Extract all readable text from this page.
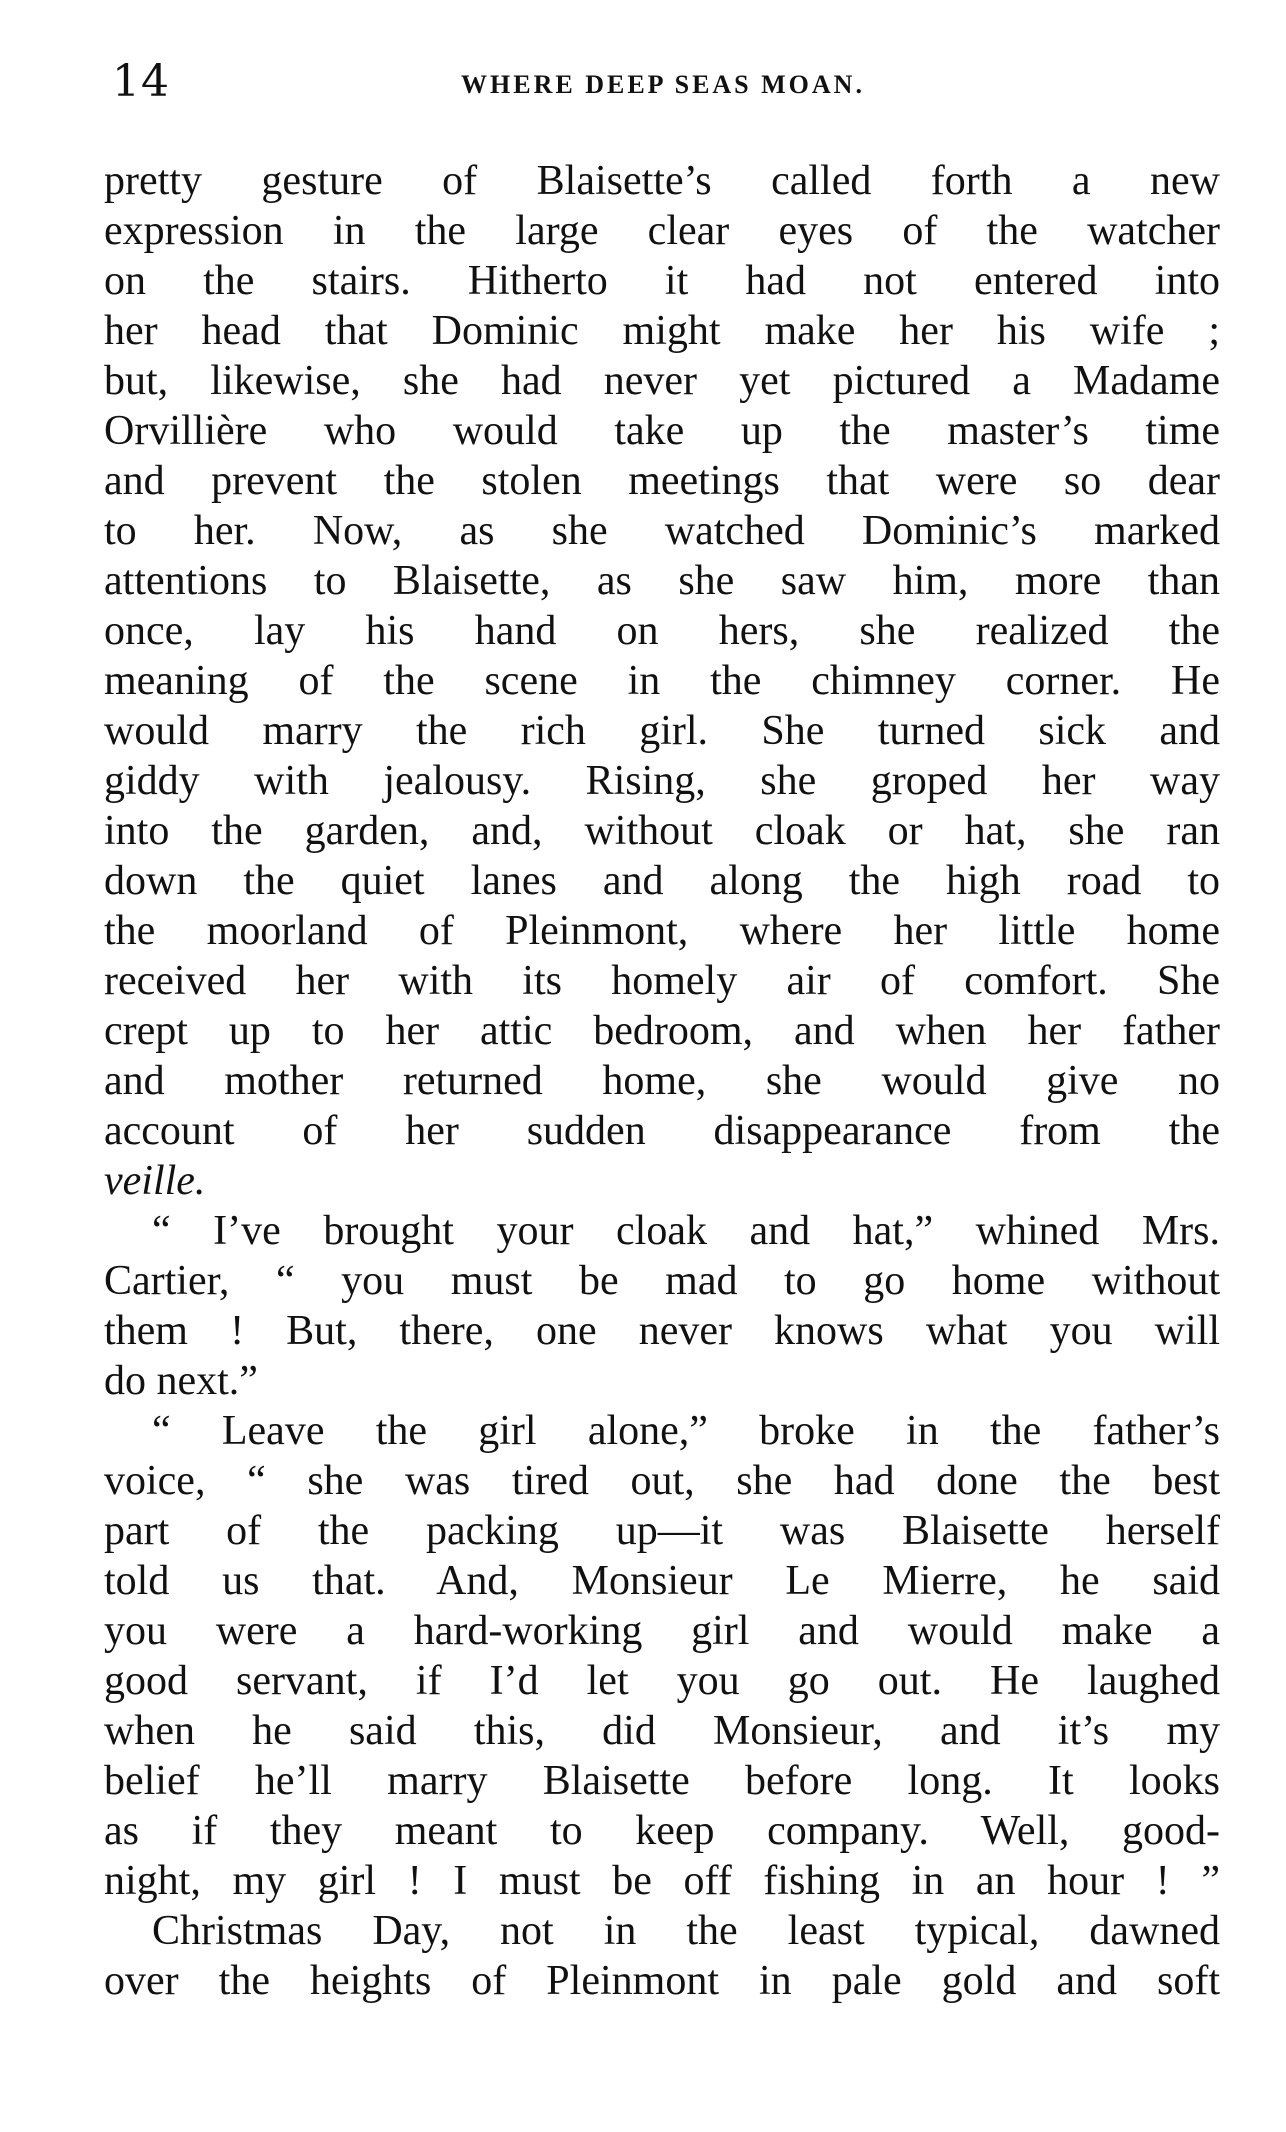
14	WHERE DEEP SEAS MOAN.
pretty gesture of Blaisette’s called forth a new
expression in the large clear eyes of the watcher
on the stairs. Hitherto it had not entered into
her head that Dominic might make her his wife ;
but, likewise, she had never yet pictured a Madame
Orvillière who would take up the master’s time
and prevent the stolen meetings that were so dear
to her. Now, as she watched Dominic’s marked
attentions to Blaisette, as she saw him, more than
once, lay his hand on hers, she realized the
meaning of the scene in the chimney corner. He
would marry the rich girl. She turned sick and
giddy with jealousy. Rising, she groped her way
into the garden, and, without cloak or hat, she ran
down the quiet lanes and along the high road to
the moorland of Pleinmont, where her little home
received her with its homely air of comfort. She
crept up to her attic bedroom, and when her father
and mother returned home, she would give no
account of her sudden disappearance from the
veille.
“ I’ve brought your cloak and hat,” whined Mrs.
Cartier, “ you must be mad to go home without
them ! But, there, one never knows what you will
do next.”
“ Leave the girl alone,” broke in the father’s
voice, “ she was tired out, she had done the best
part of the packing up—it was Blaisette herself
told us that. And, Monsieur Le Mierre, he said
you were a hard-working girl and would make a
good servant, if I’d let you go out. He laughed
when he said this, did Monsieur, and it’s my
belief he’ll marry Blaisette before long. It looks
as if they meant to keep company. Well, good-
night, my girl ! I must be off fishing in an hour ! ”
Christmas Day, not in the least typical, dawned
over the heights of Pleinmont in pale gold and soft
